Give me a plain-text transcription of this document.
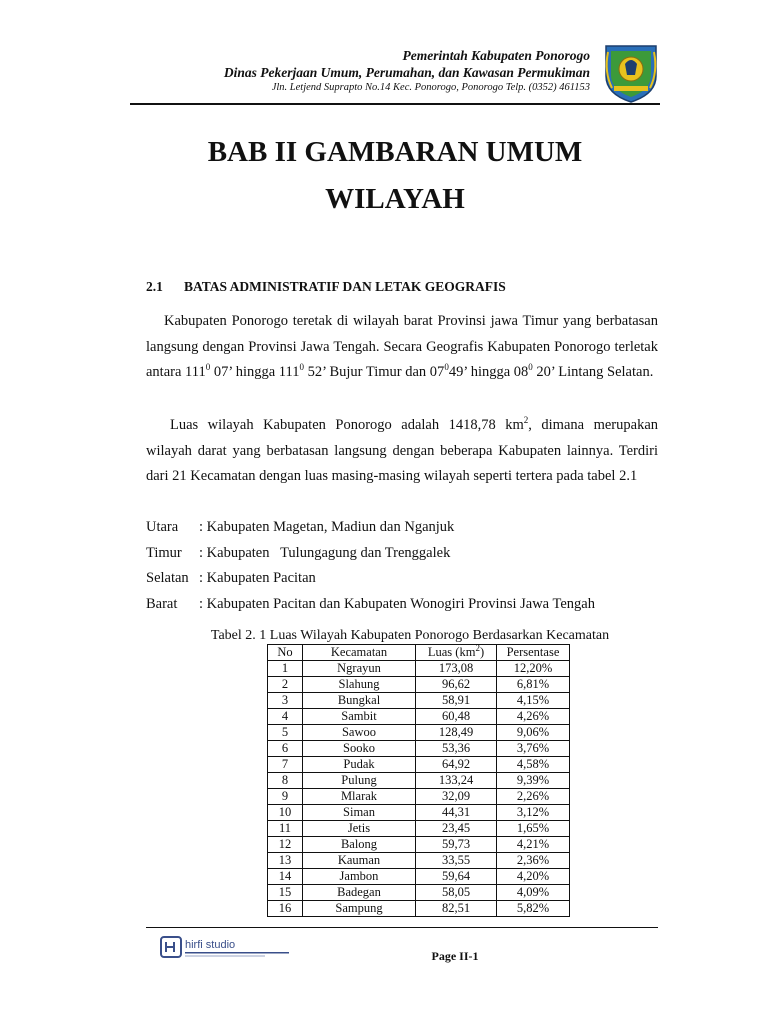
Pemerintah Kabupaten Ponorogo
Dinas Pekerjaan Umum, Perumahan, dan Kawasan Permukiman
Jln. Letjend Suprapto No.14 Kec. Ponorogo, Ponorogo Telp. (0352) 461153
BAB II GAMBARAN UMUM
WILAYAH
2.1 BATAS ADMINISTRATIF DAN LETAK GEOGRAFIS
Kabupaten Ponorogo teretak di wilayah barat Provinsi jawa Timur yang berbatasan langsung dengan Provinsi Jawa Tengah. Secara Geografis Kabupaten Ponorogo terletak antara $111^0$ 07’ hingga $111^0$ 52’ Bujur Timur dan $07^049$’ hingga $08^0$ 20’ Lintang Selatan.
Luas wilayah Kabupaten Ponorogo adalah 1418,78 $km^2$, dimana merupakan wilayah darat yang berbatasan langsung dengan beberapa Kabupaten lainnya. Terdiri dari 21 Kecamatan dengan luas masing-masing wilayah seperti tertera pada tabel 2.1
Utara : Kabupaten Magetan, Madiun dan Nganjuk
Timur : Kabupaten   Tulungagung dan Trenggalek
Selatan : Kabupaten Pacitan
Barat : Kabupaten Pacitan dan Kabupaten Wonogiri Provinsi Jawa Tengah
Tabel 2. 1 Luas Wilayah Kabupaten Ponorogo Berdasarkan Kecamatan
No	Kecamatan	Luas $(km^2)$	Persentase
1	Ngrayun	173,08	12,20%
2	Slahung	96,62	6,81%
3	Bungkal	58,91	4,15%
4	Sambit	60,48	4,26%
5	Sawoo	128,49	9,06%
6	Sooko	53,36	3,76%
7	Pudak	64,92	4,58%
8	Pulung	133,24	9,39%
9	Mlarak	32,09	2,26%
10	Siman	44,31	3,12%
11	Jetis	23,45	1,65%
12	Balong	59,73	4,21%
13	Kauman	33,55	2,36%
14	Jambon	59,64	4,20%
15	Badegan	58,05	4,09%
16	Sampung	82,51	5,82%
hirfi studio
Page II-1
